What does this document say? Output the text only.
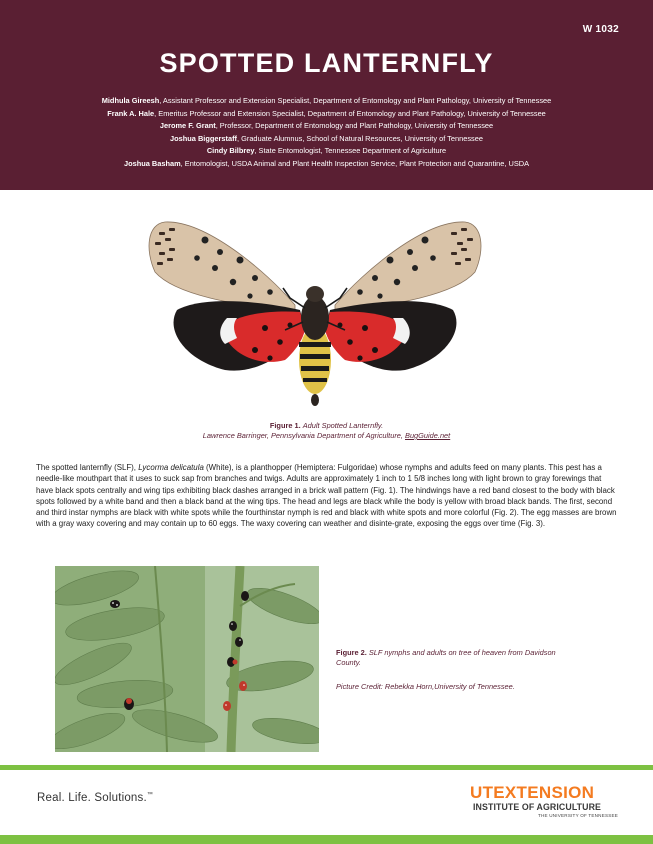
W 1032
SPOTTED LANTERNFLY
Midhula Gireesh, Assistant Professor and Extension Specialist, Department of Entomology and Plant Pathology, University of Tennessee
Frank A. Hale, Emeritus Professor and Extension Specialist, Department of Entomology and Plant Pathology, University of Tennessee
Jerome F. Grant, Professor, Department of Entomology and Plant Pathology, University of Tennessee
Joshua Biggerstaff, Graduate Alumnus, School of Natural Resources, University of Tennessee
Cindy Bilbrey, State Entomologist, Tennessee Department of Agriculture
Joshua Basham, Entomologist, USDA Animal and Plant Health Inspection Service, Plant Protection and Quarantine, USDA
Figure 1. Adult Spotted Lanternfly.
Lawrence Barringer, Pennsylvania Department of Agriculture, BugGuide.net
The spotted lanternfly (SLF), Lycorma delicatula (White), is a planthopper (Hemiptera: Fulgoridae) whose nymphs and adults feed on many plants. This pest has a needle-like mouthpart that it uses to suck sap from branches and twigs. Adults are approximately 1 inch to 1 5/8 inches long with light brown to gray forewings that have black spots centrally and wing tips exhibiting black dashes arranged in a brick wall pattern (Fig. 1). The hindwings have a red band closest to the body with black spots followed by a white band and then a black band at the wing tips. The head and legs are black while the body is yellow with broad black bands. The first, second and third instar nymphs are black with white spots while the fourthinstar nymph is red and black with white spots and more colorful (Fig. 2). The egg masses are brown with a gray waxy covering and may contain up to 60 eggs. The waxy covering can weather and disinte-grate, exposing the eggs over time (Fig. 3).
Figure 2. SLF nymphs and adults on tree of heaven from Davidson County.
Picture Credit: Rebekka Horn,University of Tennessee.
Real. Life. Solutions.™	UTEXTENSION
INSTITUTE OF AGRICULTURE
THE UNIVERSITY OF TENNESSEE
